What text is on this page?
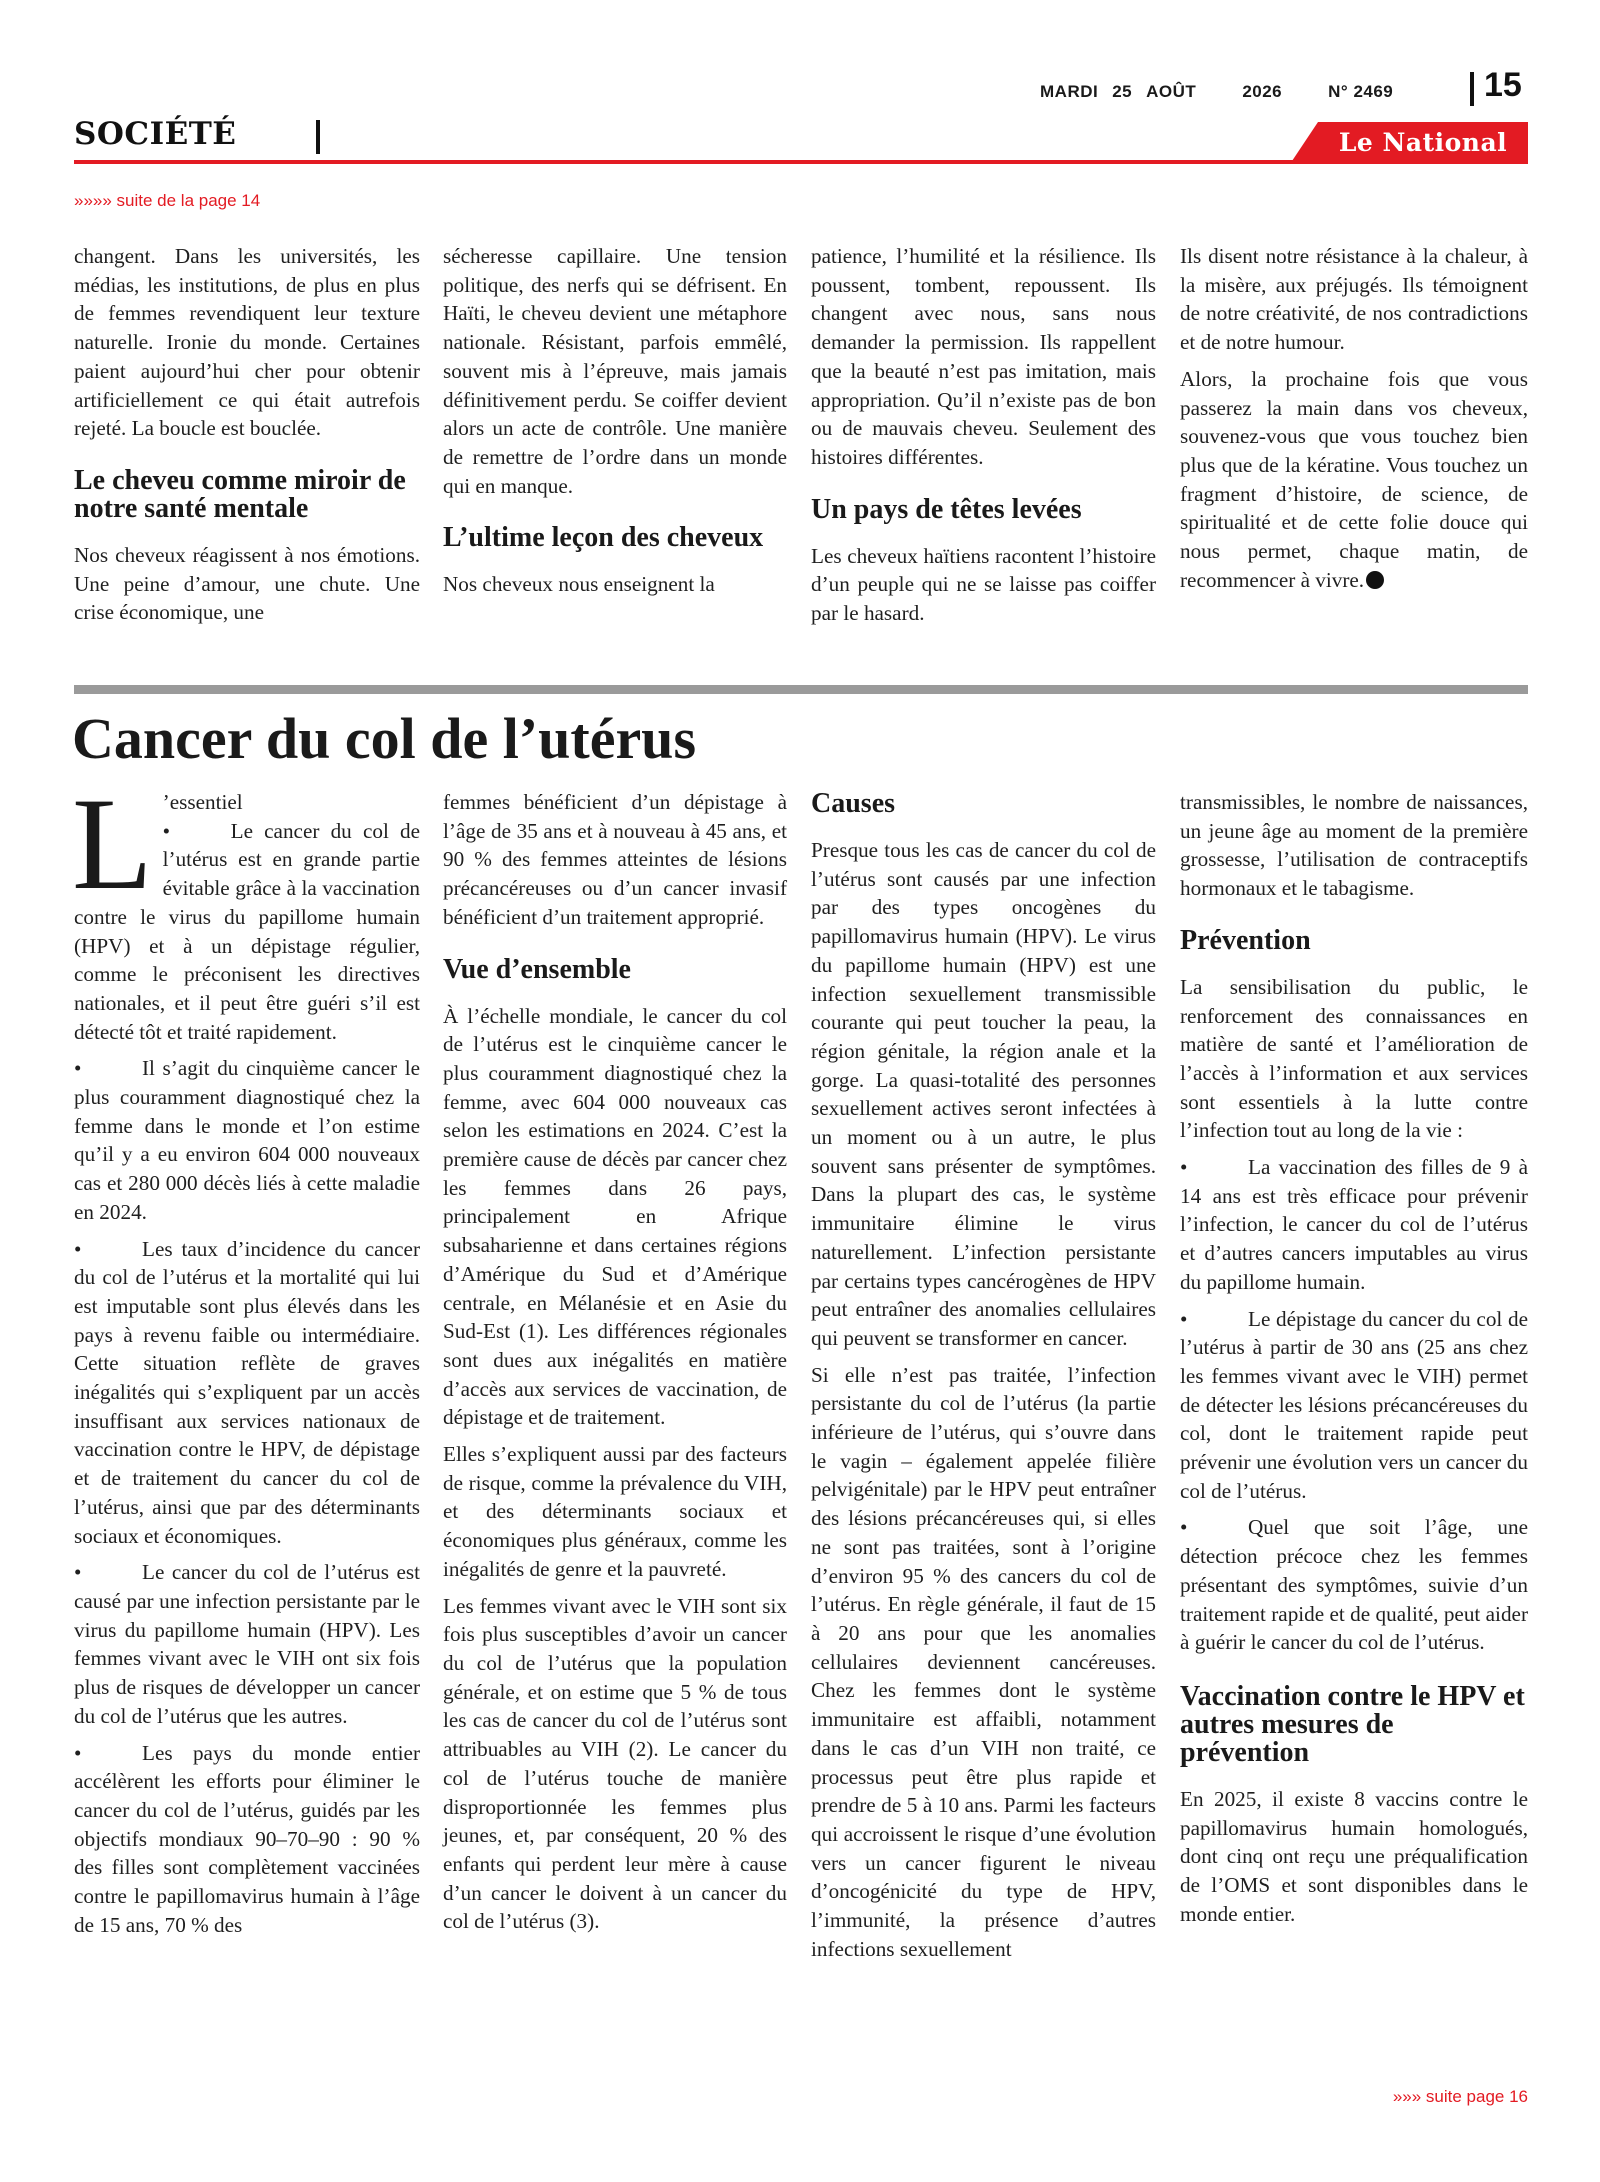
MARDI 25 AOÛT	2026	N° 2469	15
SOCIÉTÉ	Le National
»»»» suite de la page 14

changent. Dans les universités, les médias, les institutions, de plus en plus de femmes revendiquent leur texture naturelle. Ironie du monde. Certaines paient aujourd’hui cher pour obtenir artificiellement ce qui était autrefois rejeté. La boucle est bouclée.

Le cheveu comme miroir de notre santé mentale

Nos cheveux réagissent à nos émotions. Une peine d’amour, une chute. Une crise économique, une

sécheresse capillaire. Une tension politique, des nerfs qui se défrisent. En Haïti, le cheveu devient une métaphore nationale. Résistant, parfois emmêlé, souvent mis à l’épreuve, mais jamais définitivement perdu. Se coiffer devient alors un acte de contrôle. Une manière de remettre de l’ordre dans un monde qui en manque.

L’ultime leçon des cheveux

Nos cheveux nous enseignent la

patience, l’humilité et la résilience. Ils poussent, tombent, repoussent. Ils changent avec nous, sans nous demander la permission. Ils rappellent que la beauté n’est pas imitation, mais appropriation. Qu’il n’existe pas de bon ou de mauvais cheveu. Seulement des histoires différentes.

Un pays de têtes levées

Les cheveux haïtiens racontent l’histoire d’un peuple qui ne se laisse pas coiffer par le hasard.

Ils disent notre résistance à la chaleur, à la misère, aux préjugés. Ils témoignent de notre créativité, de nos contradictions et de notre humour.

Alors, la prochaine fois que vous passerez la main dans vos cheveux, souvenez-vous que vous touchez bien plus que de la kératine. Vous touchez un fragment d’histoire, de science, de spiritualité et de cette folie douce qui nous permet, chaque matin, de recommencer à vivre.

Cancer du col de l’utérus
L ’essentiel

•	Le cancer du col de l’utérus est en grande partie évitable grâce à la vaccination contre le virus du papillome humain (HPV) et à un dépistage régulier, comme le préconisent les directives nationales, et il peut être guéri s’il est détecté tôt et traité rapidement.

•	Il s’agit du cinquième cancer le plus couramment diagnostiqué chez la femme dans le monde et l’on estime qu’il y a eu environ 604 000 nouveaux cas et 280 000 décès liés à cette maladie en 2024.

•	Les taux d’incidence du cancer du col de l’utérus et la mortalité qui lui est imputable sont plus élevés dans les pays à revenu faible ou intermédiaire. Cette situation reflète de graves inégalités qui s’expliquent par un accès insuffisant aux services nationaux de vaccination contre le HPV, de dépistage et de traitement du cancer du col de l’utérus, ainsi que par des déterminants sociaux et économiques.

•	Le cancer du col de l’utérus est causé par une infection persistante par le virus du papillome humain (HPV). Les femmes vivant avec le VIH ont six fois plus de risques de développer un cancer du col de l’utérus que les autres.

•	Les pays du monde entier accélèrent les efforts pour éliminer le cancer du col de l’utérus, guidés par les objectifs mondiaux 90–70–90 : 90 % des filles sont complètement vaccinées contre le papillomavirus humain à l’âge de 15 ans, 70 % des

femmes bénéficient d’un dépistage à l’âge de 35 ans et à nouveau à 45 ans, et 90 % des femmes atteintes de lésions précancéreuses ou d’un cancer invasif bénéficient d’un traitement approprié.

Vue d’ensemble

À l’échelle mondiale, le cancer du col de l’utérus est le cinquième cancer le plus couramment diagnostiqué chez la femme, avec 604 000 nouveaux cas selon les estimations en 2024. C’est la première cause de décès par cancer chez les femmes dans 26 pays, principalement en Afrique subsaharienne et dans certaines régions d’Amérique du Sud et d’Amérique centrale, en Mélanésie et en Asie du Sud-Est (1). Les différences régionales sont dues aux inégalités en matière d’accès aux services de vaccination, de dépistage et de traitement.

Elles s’expliquent aussi par des facteurs de risque, comme la prévalence du VIH, et des déterminants sociaux et économiques plus généraux, comme les inégalités de genre et la pauvreté.

Les femmes vivant avec le VIH sont six fois plus susceptibles d’avoir un cancer du col de l’utérus que la population générale, et on estime que 5 % de tous les cas de cancer du col de l’utérus sont attribuables au VIH (2). Le cancer du col de l’utérus touche de manière disproportionnée les femmes plus jeunes, et, par conséquent, 20 % des enfants qui perdent leur mère à cause d’un cancer le doivent à un cancer du col de l’utérus (3).

Causes

Presque tous les cas de cancer du col de l’utérus sont causés par une infection par des types oncogènes du papillomavirus humain (HPV). Le virus du papillome humain (HPV) est une infection sexuellement transmissible courante qui peut toucher la peau, la région génitale, la région anale et la gorge. La quasi-totalité des personnes sexuellement actives seront infectées à un moment ou à un autre, le plus souvent sans présenter de symptômes. Dans la plupart des cas, le système immunitaire élimine le virus naturellement. L’infection persistante par certains types cancérogènes de HPV peut entraîner des anomalies cellulaires qui peuvent se transformer en cancer.

Si elle n’est pas traitée, l’infection persistante du col de l’utérus (la partie inférieure de l’utérus, qui s’ouvre dans le vagin – également appelée filière pelvigénitale) par le HPV peut entraîner des lésions précancéreuses qui, si elles ne sont pas traitées, sont à l’origine d’environ 95 % des cancers du col de l’utérus. En règle générale, il faut de 15 à 20 ans pour que les anomalies cellulaires deviennent cancéreuses. Chez les femmes dont le système immunitaire est affaibli, notamment dans le cas d’un VIH non traité, ce processus peut être plus rapide et prendre de 5 à 10 ans. Parmi les facteurs qui accroissent le risque d’une évolution vers un cancer figurent le niveau d’oncogénicité du type de HPV, l’immunité, la présence d’autres infections sexuellement

transmissibles, le nombre de naissances, un jeune âge au moment de la première grossesse, l’utilisation de contraceptifs hormonaux et le tabagisme.

Prévention

La sensibilisation du public, le renforcement des connaissances en matière de santé et l’amélioration de l’accès à l’information et aux services sont essentiels à la lutte contre l’infection tout au long de la vie :

•	La vaccination des filles de 9 à 14 ans est très efficace pour prévenir l’infection, le cancer du col de l’utérus et d’autres cancers imputables au virus du papillome humain.

•	Le dépistage du cancer du col de l’utérus à partir de 30 ans (25 ans chez les femmes vivant avec le VIH) permet de détecter les lésions précancéreuses du col, dont le traitement rapide peut prévenir une évolution vers un cancer du col de l’utérus.

•	Quel que soit l’âge, une détection précoce chez les femmes présentant des symptômes, suivie d’un traitement rapide et de qualité, peut aider à guérir le cancer du col de l’utérus.

Vaccination contre le HPV et autres mesures de prévention

En 2025, il existe 8 vaccins contre le papillomavirus humain homologués, dont cinq ont reçu une préqualification de l’OMS et sont disponibles dans le monde entier.

»»» suite page 16
